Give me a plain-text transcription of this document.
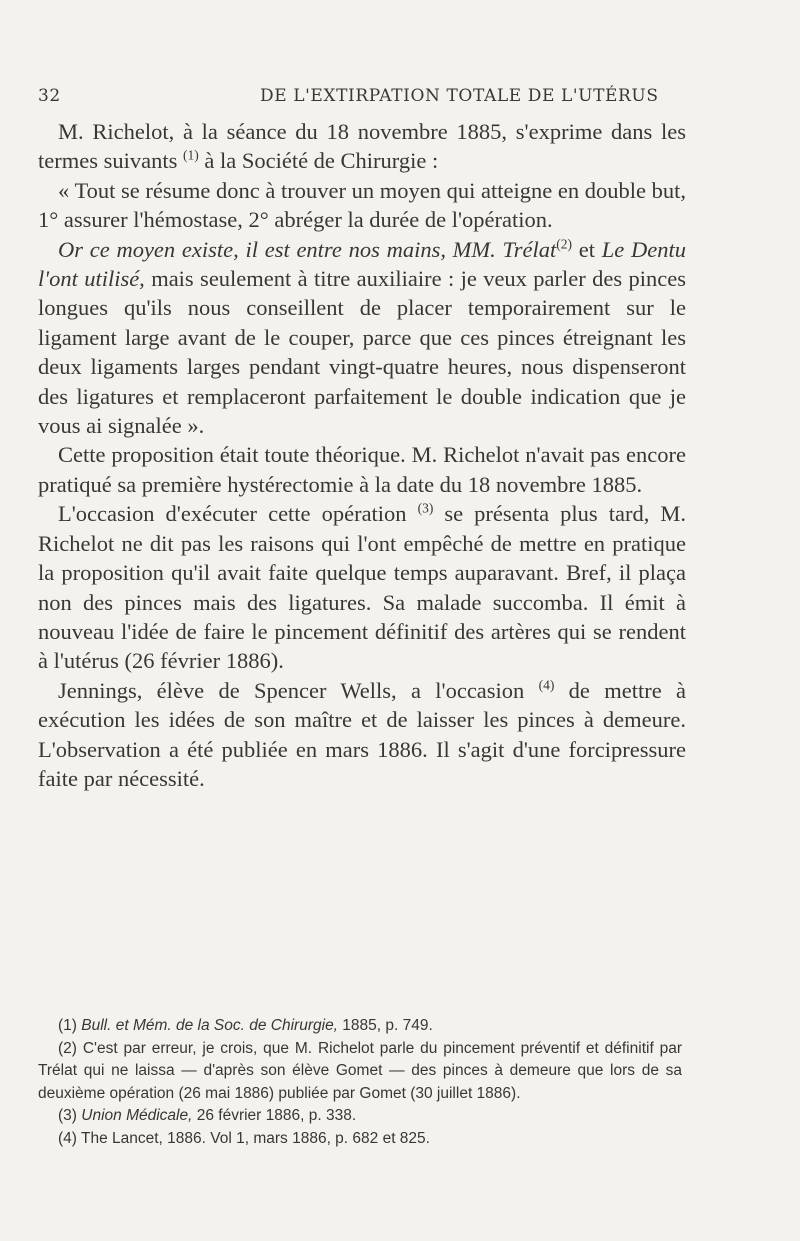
32	DE L'EXTIRPATION TOTALE DE L'UTÉRUS

M. Richelot, à la séance du 18 novembre 1885, s'exprime dans les termes suivants $^{(1)}$ à la Société de Chirurgie :

« Tout se résume donc à trouver un moyen qui atteigne en double but, 1° assurer l'hémostase, 2° abréger la durée de l'opération.

Or ce moyen existe, il est entre nos mains, MM. Trélat$^{(2)}$ et Le Dentu l'ont utilisé, mais seulement à titre auxiliaire : je veux parler des pinces longues qu'ils nous conseillent de placer temporairement sur le ligament large avant de le couper, parce que ces pinces étreignant les deux ligaments larges pendant vingt-quatre heures, nous dispenseront des ligatures et remplaceront parfaitement le double indication que je vous ai signalée ».

Cette proposition était toute théorique. M. Richelot n'avait pas encore pratiqué sa première hystérectomie à la date du 18 novembre 1885.

L'occasion d'exécuter cette opération $^{(3)}$ se présenta plus tard, M. Richelot ne dit pas les raisons qui l'ont empêché de mettre en pratique la proposition qu'il avait faite quelque temps auparavant. Bref, il plaça non des pinces mais des ligatures. Sa malade succomba. Il émit à nouveau l'idée de faire le pincement définitif des artères qui se rendent à l'utérus (26 février 1886).

Jennings, élève de Spencer Wells, a l'occasion $^{(4)}$ de mettre à exécution les idées de son maître et de laisser les pinces à demeure. L'observation a été publiée en mars 1886. Il s'agit d'une forcipressure faite par nécessité.

(1) Bull. et Mém. de la Soc. de Chirurgie, 1885, p. 749.

(2) C'est par erreur, je crois, que M. Richelot parle du pincement préventif et définitif par Trélat qui ne laissa — d'après son élève Gomet — des pinces à demeure que lors de sa deuxième opération (26 mai 1886) publiée par Gomet (30 juillet 1886).

(3) Union Médicale, 26 février 1886, p. 338.

(4) The Lancet, 1886. Vol 1, mars 1886, p. 682 et 825.
